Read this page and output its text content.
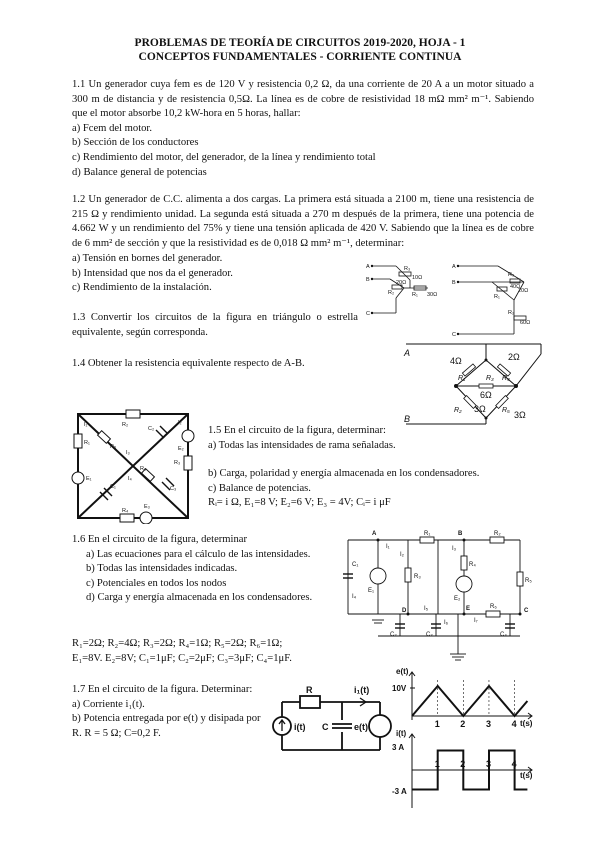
PROBLEMAS DE TEORÍA DE CIRCUITOS 2019-2020, HOJA - 1
CONCEPTOS FUNDAMENTALES - CORRIENTE CONTINUA
1.1 Un generador cuya fem es de 120 V y resistencia 0,2 Ω, da una corriente de 20 A a un motor situado a 300 m de distancia y de resistencia 0,5Ω. La línea es de cobre de resistividad 18 mΩ mm² m⁻¹. Sabiendo que el motor absorbe 10,2 kW-hora en 5 horas, hallar:
a) Fcem del motor.
b) Sección de los conductores
c) Rendimiento del motor, del generador, de la línea y rendimiento total
d) Balance general de potencias
1.2 Un generador de C.C. alimenta a dos cargas. La primera está situada a 2100 m, tiene una resistencia de 215 Ω y rendimiento unidad. La segunda está situada a 270 m después de la primera, tiene una potencia de 4.662 W y un rendimiento del 75% y tiene una tensión aplicada de 420 V. Sabiendo que la línea es de cobre de 6 mm² de sección y que la resistividad es de 0,018 Ω mm² m⁻¹, determinar:
a) Tensión en bornes del generador.
b) Intensidad que nos da el generador.
c) Rendimiento de la instalación.
1.3 Convertir los circuitos de la figura en triángulo o estrella equivalente, según corresponda.
1.4 Obtener la resistencia equivalente respecto de A-B.
1.5 En el circuito de la figura, determinar:
a) Todas las intensidades de rama señaladas.
b) Carga, polaridad y energía almacenada en los condensadores.
c) Balance de potencias.
Rᵢ= i Ω, E₁=8 V; E₂=6 V; E₃ = 4V; Cᵢ= i μF
1.6 En el circuito de la figura, determinar
a) Las ecuaciones para el cálculo de las intensidades.
b) Todas las intensidades indicadas.
c) Potenciales en todos los nodos
d) Carga y energía almacenada en los condensadores.
R₁=2Ω; R₂=4Ω; R₃=2Ω; R₄=1Ω; R₅=2Ω; R₆=1Ω;
E₁=8V. E₂=8V; C₁=1μF; C₂=2μF; C₃=3μF; C₄=1μF.
1.7 En el circuito de la figura. Determinar:
a) Corriente i₁(t).
b) Potencia entregada por e(t) y disipada por R. R = 5 Ω; C=0,2 F.
A
B
C
R₃
10Ω
20Ω
R₂	R₁ 30Ω
A
B
C
R₃
40Ω
R₁
20Ω
R₂
60Ω
A
B
4Ω	2Ω
6Ω
3Ω
3Ω
R₁	R₄
R₃
R₂	R₅
R₂
R₁
R₃
R₄
R₅
R₆
C₁
C₂
C₃
E₁
E₂
E₃
I₁	I₂
I₃
I₄
A	B
C
D	E
R₁	R₂
R₃
R₄
R₅
R₆
C₁
C₂	C₃	C₄
E₁
E₂
I₁
I₂
I₃
I₄
I₅
I₆	I₇
R	i₁(t)
i(t) C	e(t)	1 2 3 4
e(t)
10V
t(s)
1 2 3 4
i(t)
3 A
-3 A
t(s)
